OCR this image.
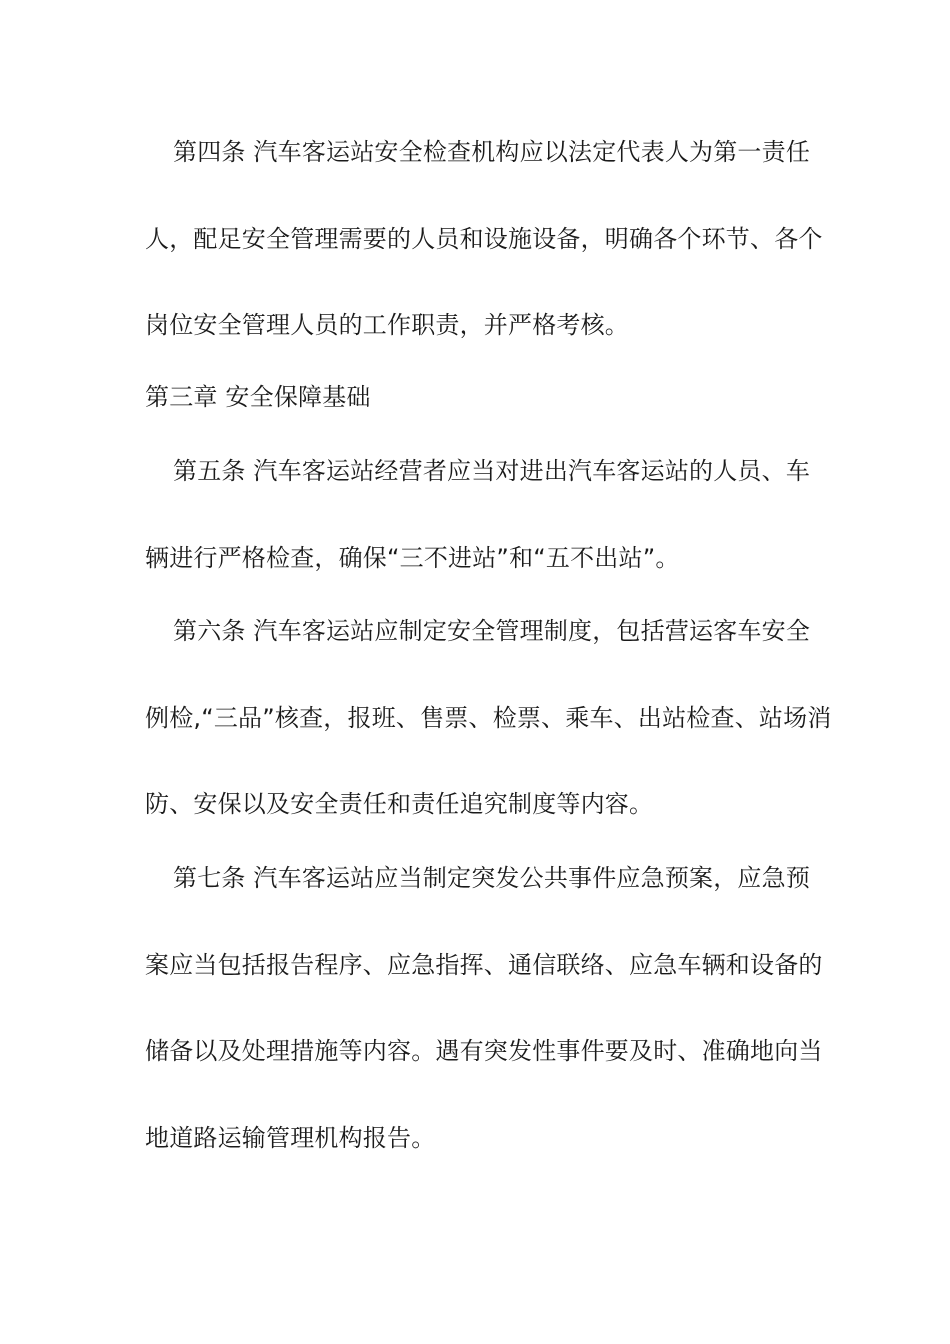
第四条 汽车客运站安全检查机构应以法定代表人为第一责任
人，配足安全管理需要的人员和设施设备，明确各个环节、各个
岗位安全管理人员的工作职责，并严格考核。
第三章 安全保障基础
第五条 汽车客运站经营者应当对进出汽车客运站的人员、车
辆进行严格检查，确保“三不进站”和“五不出站”。
第六条 汽车客运站应制定安全管理制度，包括营运客车安全
例检,“三品”核查，报班、售票、检票、乘车、出站检查、站场消
防、安保以及安全责任和责任追究制度等内容。
第七条 汽车客运站应当制定突发公共事件应急预案，应急预
案应当包括报告程序、应急指挥、通信联络、应急车辆和设备的
储备以及处理措施等内容。遇有突发性事件要及时、准确地向当
地道路运输管理机构报告。
